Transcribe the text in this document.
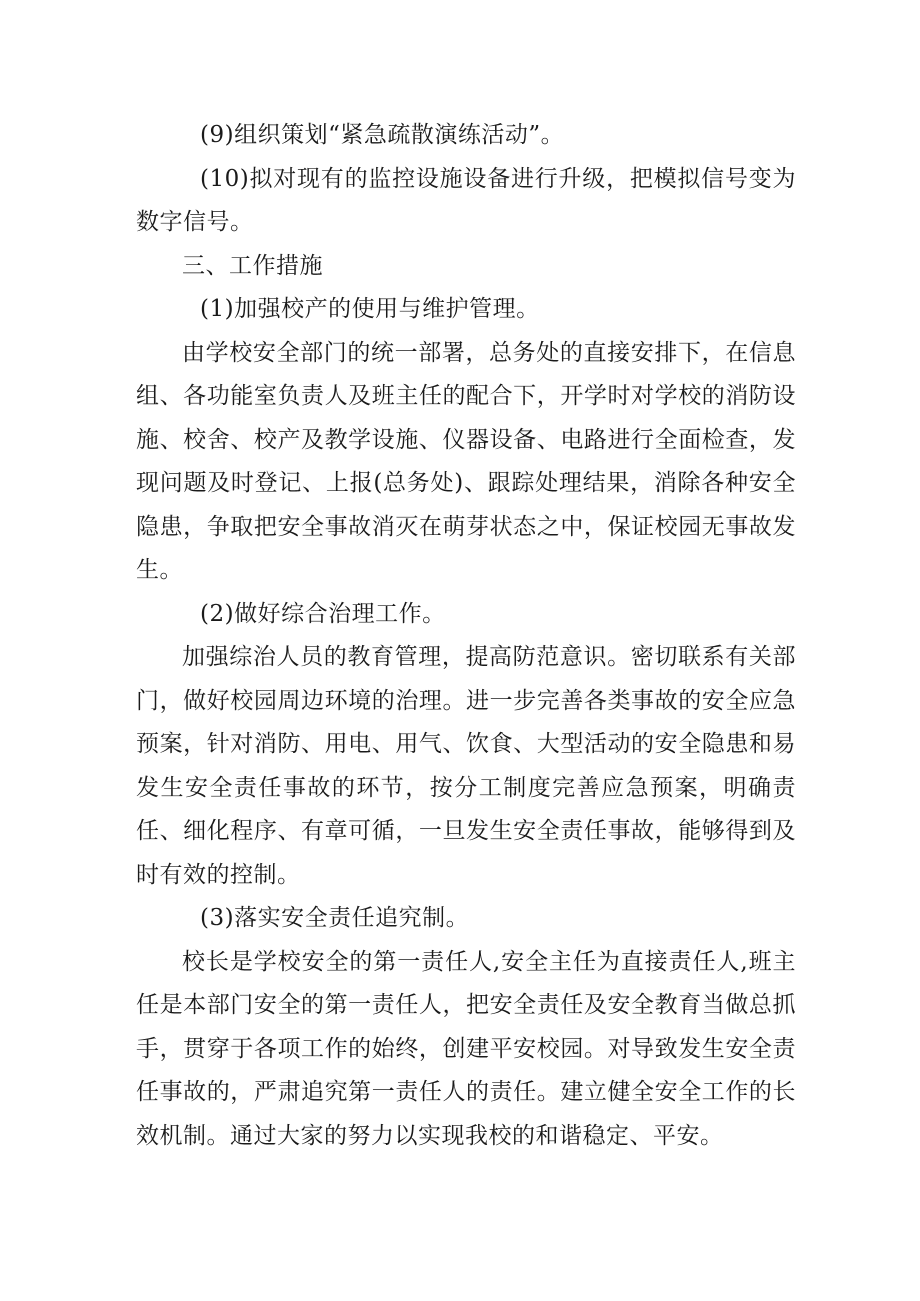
(9)组织策划“紧急疏散演练活动”。

(10)拟对现有的监控设施设备进行升级，把模拟信号变为数字信号。

三、工作措施

(1)加强校产的使用与维护管理。

由学校安全部门的统一部署，总务处的直接安排下，在信息组、各功能室负责人及班主任的配合下，开学时对学校的消防设施、校舍、校产及教学设施、仪器设备、电路进行全面检查，发现问题及时登记、上报(总务处)、跟踪处理结果，消除各种安全隐患，争取把安全事故消灭在萌芽状态之中，保证校园无事故发生。

(2)做好综合治理工作。

加强综治人员的教育管理，提高防范意识。密切联系有关部门，做好校园周边环境的治理。进一步完善各类事故的安全应急预案，针对消防、用电、用气、饮食、大型活动的安全隐患和易发生安全责任事故的环节，按分工制度完善应急预案，明确责任、细化程序、有章可循，一旦发生安全责任事故，能够得到及时有效的控制。

(3)落实安全责任追究制。

校长是学校安全的第一责任人,安全主任为直接责任人,班主任是本部门安全的第一责任人，把安全责任及安全教育当做总抓手，贯穿于各项工作的始终，创建平安校园。对导致发生安全责任事故的，严肃追究第一责任人的责任。建立健全安全工作的长效机制。通过大家的努力以实现我校的和谐稳定、平安。
